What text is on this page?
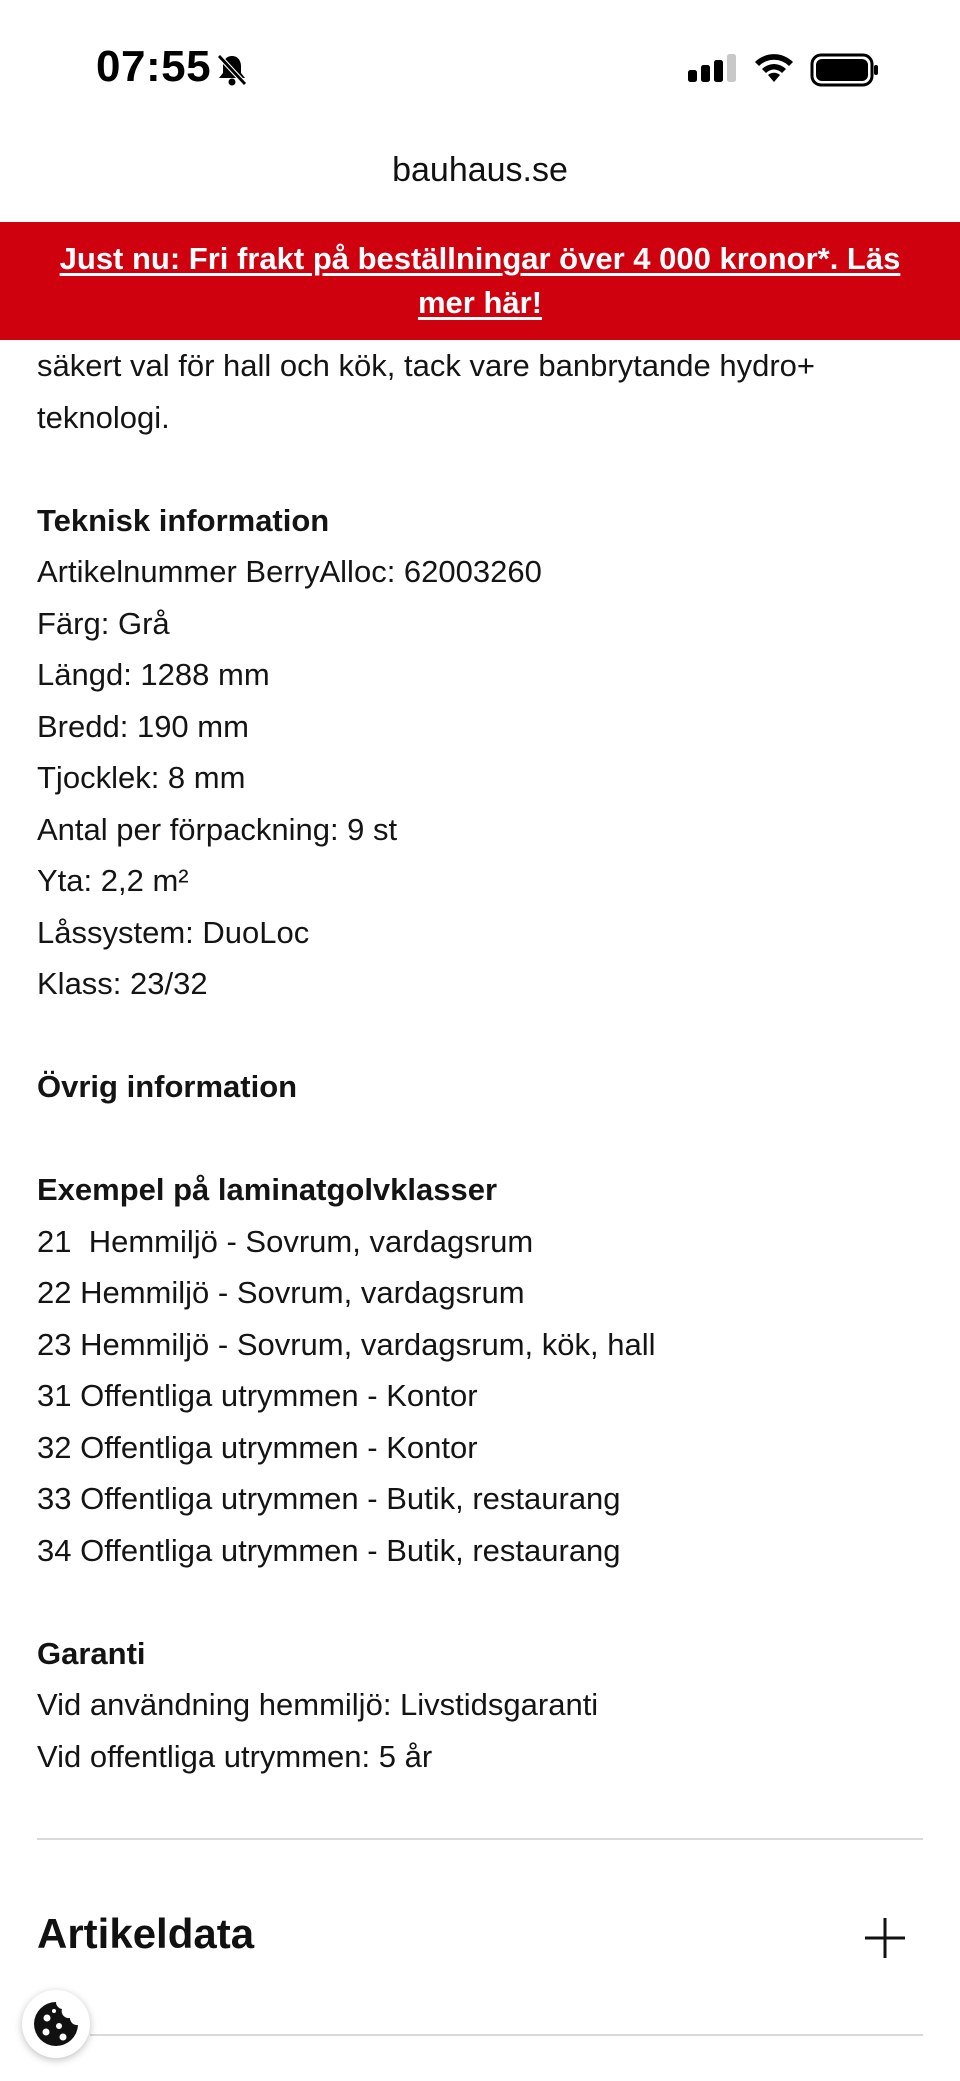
07:55
bauhaus.se
Just nu: Fri frakt på beställningar över 4 000 kronor*. Läs mer här!

säkert val för hall och kök, tack vare banbrytande hydro+

teknologi.

Teknisk information

Artikelnummer BerryAlloc: 62003260

Färg: Grå

Längd: 1288 mm

Bredd: 190 mm

Tjocklek: 8 mm

Antal per förpackning: 9 st

Yta: 2,2 m²

Låssystem: DuoLoc

Klass: 23/32

Övrig information

Exempel på laminatgolvklasser

21  Hemmiljö - Sovrum, vardagsrum

22 Hemmiljö - Sovrum, vardagsrum

23 Hemmiljö - Sovrum, vardagsrum, kök, hall

31 Offentliga utrymmen - Kontor

32 Offentliga utrymmen - Kontor

33 Offentliga utrymmen - Butik, restaurang

34 Offentliga utrymmen - Butik, restaurang

Garanti

Vid användning hemmiljö: Livstidsgaranti

Vid offentliga utrymmen: 5 år

Artikeldata
